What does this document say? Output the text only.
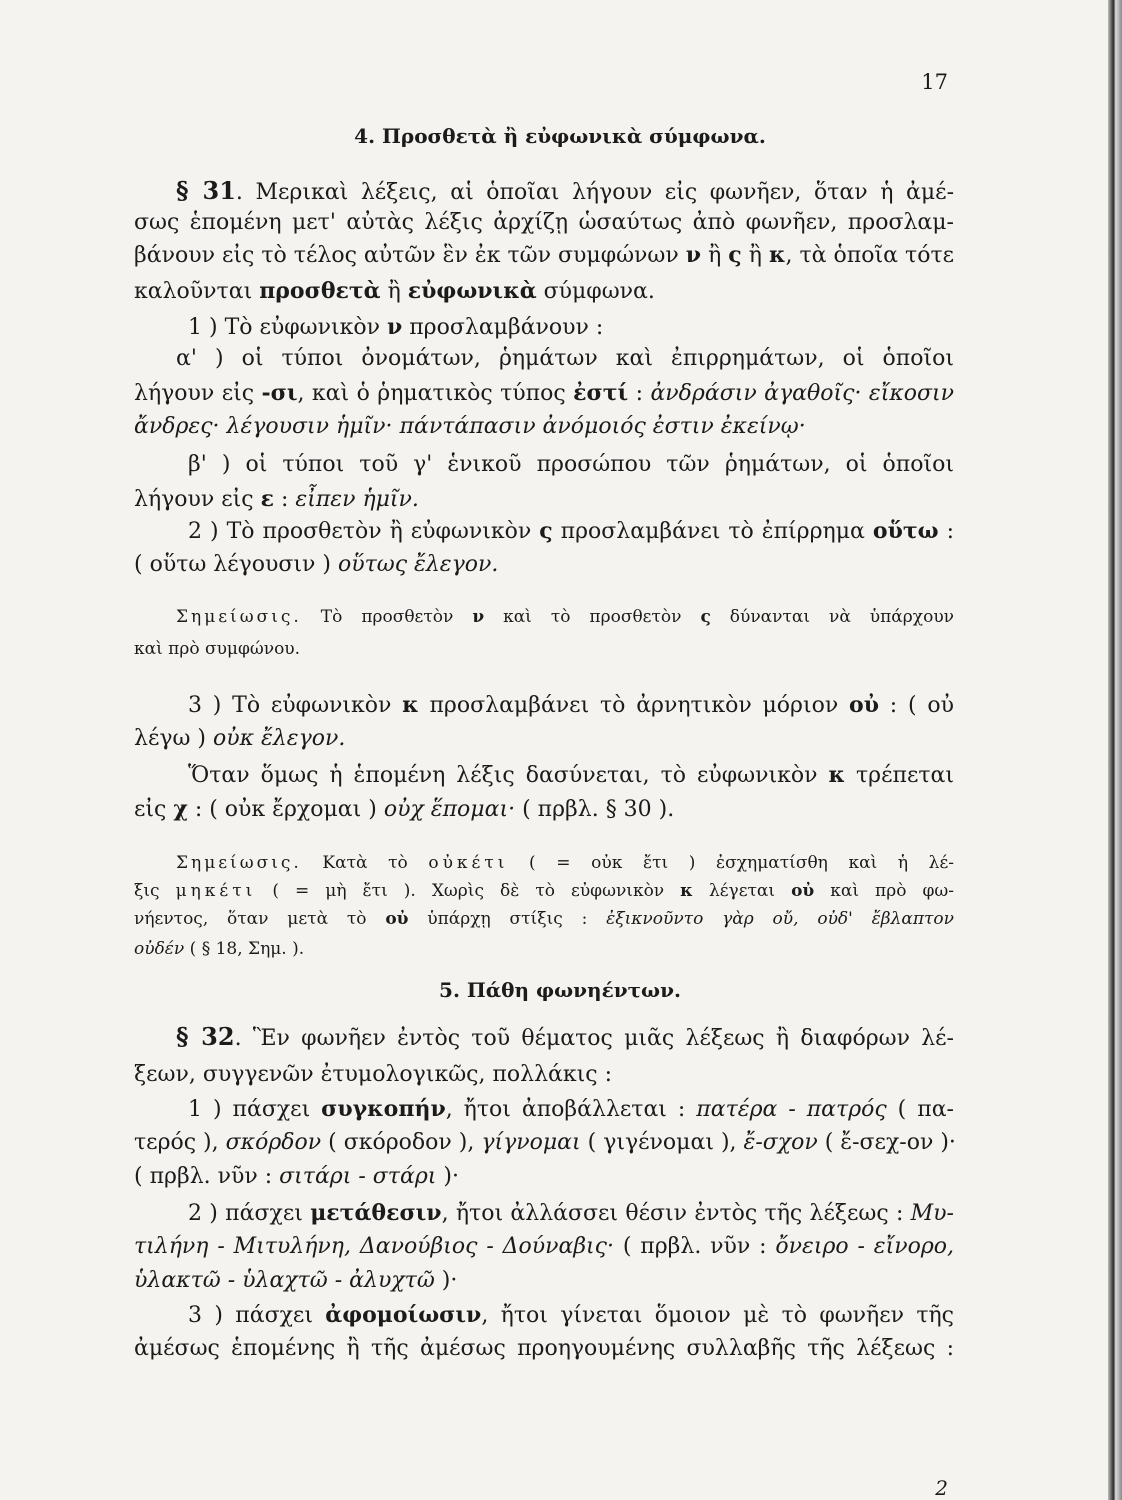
17
4. Προσθετὰ ἢ εὐφωνικὰ σύμφωνα.
§ 31. Μερικαὶ λέξεις, αἱ ὁποῖαι λήγουν εἰς φωνῆεν, ὅταν ἡ ἀμέ-
σως ἑπομένη μετ' αὐτὰς λέξις ἀρχίζῃ ὡσαύτως ἀπὸ φωνῆεν, προσλαμ-
βάνουν εἰς τὸ τέλος αὐτῶν ἓν ἐκ τῶν συμφώνων ν ἢ ς ἢ κ, τὰ ὁποῖα τότε
καλοῦνται προσθετὰ ἢ εὐφωνικὰ σύμφωνα.
1 ) Τὸ εὐφωνικὸν ν προσλαμβάνουν :
α' ) οἱ τύποι ὀνομάτων, ῥημάτων καὶ ἐπιρρημάτων, οἱ ὁποῖοι
λήγουν εἰς -σι, καὶ ὁ ῥηματικὸς τύπος ἐστί : ἀνδράσιν ἀγαθοῖς· εἴκοσιν
ἄνδρες· λέγουσιν ἡμῖν· πάντάπασιν ἀνόμοιός ἐστιν ἐκείνῳ·
β' ) οἱ τύποι τοῦ γ' ἑνικοῦ προσώπου τῶν ῥημάτων, οἱ ὁποῖοι
λήγουν εἰς ε : εἶπεν ἡμῖν.
2 ) Τὸ προσθετὸν ἢ εὐφωνικὸν ς προσλαμβάνει τὸ ἐπίρρημα οὕτω :
( οὕτω λέγουσιν ) οὕτως ἔλεγον.
Σημείωσις. Τὸ προσθετὸν ν καὶ τὸ προσθετὸν ς δύνανται νὰ ὑπάρχουν
καὶ πρὸ συμφώνου.
3 ) Τὸ εὐφωνικὸν κ προσλαμβάνει τὸ ἀρνητικὸν μόριον οὐ : ( οὐ
λέγω ) οὐκ ἔλεγον.
Ὅταν ὅμως ἡ ἑπομένη λέξις δασύνεται, τὸ εὐφωνικὸν κ τρέπεται
εἰς χ : ( οὐκ ἔρχομαι ) οὐχ ἕπομαι· ( πρβλ. § 30 ).
Σημείωσις. Κατὰ τὸ οὐκέτι ( = οὐκ ἔτι ) ἐσχηματίσθη καὶ ἡ λέ-
ξις μηκέτι ( = μὴ ἔτι ). Χωρὶς δὲ τὸ εὐφωνικὸν κ λέγεται οὐ καὶ πρὸ φω-
νήεντος, ὅταν μετὰ τὸ οὐ ὑπάρχῃ στίξις : ἐξικνοῦντο γὰρ οὔ, οὐδ' ἔβλαπτον
οὐδέν ( § 18, Σημ. ).
5. Πάθη φωνηέντων.
§ 32. Ἓν φωνῆεν ἐντὸς τοῦ θέματος μιᾶς λέξεως ἢ διαφόρων λέ-
ξεων, συγγενῶν ἐτυμολογικῶς, πολλάκις :
1 ) πάσχει συγκοπήν, ἤτοι ἀποβάλλεται : πατέρα - πατρός ( πα-
τερός ), σκόρδον ( σκόροδον ), γίγνομαι ( γιγένομαι ), ἔ-σχον ( ἔ-σεχ-ον )·
( πρβλ. νῦν : σιτάρι - στάρι )·
2 ) πάσχει μετάθεσιν, ἤτοι ἀλλάσσει θέσιν ἐντὸς τῆς λέξεως : Μυ-
τιλήνη - Μιτυλήνη, Δανούβιος - Δούναβις· ( πρβλ. νῦν : ὄνειρο - εἴνορο,
ὑλακτῶ - ὑλαχτῶ - ἀλυχτῶ )·
3 ) πάσχει ἀφομοίωσιν, ἤτοι γίνεται ὅμοιον μὲ τὸ φωνῆεν τῆς
ἀμέσως ἑπομένης ἢ τῆς ἀμέσως προηγουμένης συλλαβῆς τῆς λέξεως :
2
